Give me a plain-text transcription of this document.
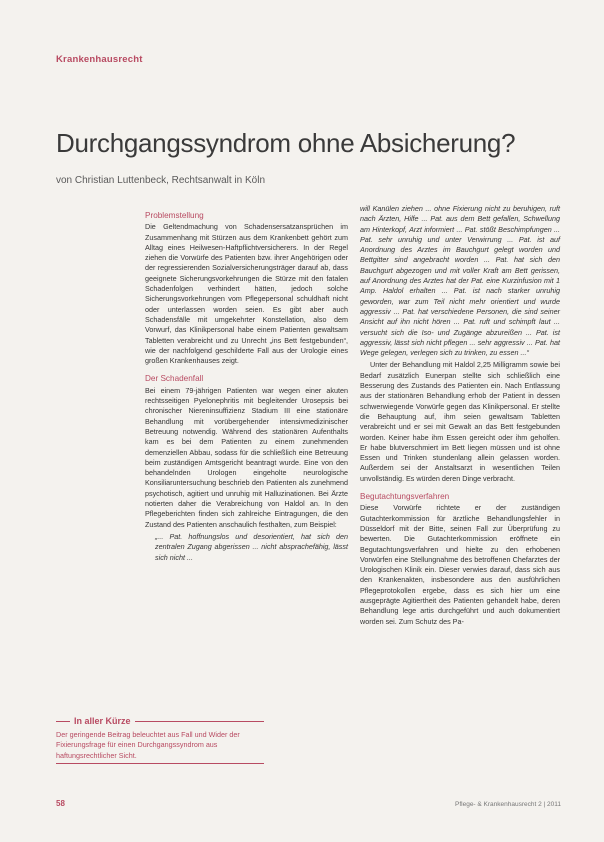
Krankenhausrecht
Durchgangssyndrom ohne Absicherung?
von Christian Luttenbeck, Rechtsanwalt in Köln
Problemstellung

Die Geltendmachung von Schadensersatzansprüchen im Zusammenhang mit Stürzen aus dem Krankenbett gehört zum Alltag eines Heilwesen-Haftpflichtversicherers. In der Regel ziehen die Vorwürfe des Patienten bzw. ihrer Angehörigen oder der regressierenden Sozialversicherungsträger darauf ab, dass geeignete Sicherungsvorkehrungen die Stürze mit den fatalen Schadenfolgen verhindert hätten, jedoch solche Sicherungsvorkehrungen vom Pflegepersonal schuldhaft nicht oder unterlassen worden seien. Es gibt aber auch Schadensfälle mit umgekehrter Konstellation, also dem Vorwurf, das Klinikpersonal habe einem Patienten gewaltsam Tabletten verabreicht und zu Unrecht „ins Bett festgebunden“, wie der nachfolgend geschilderte Fall aus der Urologie eines großen Krankenhauses zeigt.

Der Schadenfall

Bei einem 79-jährigen Patienten war wegen einer akuten rechtsseitigen Pyelonephritis mit begleitender Urosepsis bei chronischer Niereninsuffizienz Stadium III eine stationäre Behandlung mit vorübergehender intensivmedizinischer Betreuung notwendig. Während des stationären Aufenthalts kam es bei dem Patienten zu einem zunehmenden demenziellen Abbau, sodass für die schließlich eine Betreuung beim zuständigen Amtsgericht beantragt wurde. Eine von den behandelnden Urologen eingeholte neurologische Konsiliaruntersuchung beschrieb den Patienten als zunehmend psychotisch, agitiert und unruhig mit Halluzinationen. Bei Ärzte notierten daher die Verabreichung von Haldol an. In den Pflegeberichten finden sich zahlreiche Eintragungen, die den Zustand des Patienten anschaulich festhalten, zum Beispiel:

„... Pat. hoffnungslos und desorientiert, hat sich den zentralen Zugang abgerissen ... nicht absprachefähig, lässt sich nicht ...

will Kanülen ziehen ... ohne Fixierung nicht zu beruhigen, ruft nach Ärzten, Hilfe ... Pat. aus dem Bett gefallen, Schwellung am Hinterkopf, Arzt informiert ... Pat. stößt Beschimpfungen ... Pat. sehr unruhig und unter Verwirrung ... Pat. ist auf Anordnung des Arztes im Bauchgurt gelegt worden und Bettgitter sind angebracht worden ... Pat. hat sich den Bauchgurt abgezogen und mit voller Kraft am Bett gerissen, auf Anordnung des Arztes hat der Pat. eine Kurzinfusion mit 1 Amp. Haldol erhalten ... Pat. ist nach starker unruhig geworden, war zum Teil nicht mehr orientiert und wurde aggressiv ... Pat. hat verschiedene Personen, die sind seiner Ansicht auf ihn nicht hören ... Pat. ruft und schimpft laut ... versucht sich die Iso- und Zugänge abzureißen ... Pat. ist aggressiv, lässt sich nicht pflegen ... sehr aggressiv ... Pat. hat Wege gelegen, verlegen sich zu trinken, zu essen ...“

Unter der Behandlung mit Haldol 2,25 Milligramm sowie bei Bedarf zusätzlich Eunerpan stellte sich schließlich eine Besserung des Zustands des Patienten ein. Nach Entlassung aus der stationären Behandlung erhob der Patient in dessen schwerwiegende Vorwürfe gegen das Klinikpersonal. Er stellte die Behauptung auf, ihm seien gewaltsam Tabletten verabreicht und er sei mit Gewalt an das Bett festgebunden worden. Keiner habe ihm Essen gereicht oder ihm geholfen. Er habe blutverschmiert im Bett liegen müssen und ist ohne Essen und Trinken stundenlang allein gelassen worden. Außerdem sei der Anstaltsarzt in wesentlichen Teilen unvollständig. Es würden deren Dinge verbracht.

Begutachtungsverfahren

Diese Vorwürfe richtete er der zuständigen Gutachterkommission für ärztliche Behandlungsfehler in Düsseldorf mit der Bitte, seinen Fall zur Überprüfung zu bewerten. Die Gutachterkommission eröffnete ein Begutachtungsverfahren und hielte zu den erhobenen Vorwürfen eine Stellungnahme des betroffenen Chefarztes der Urologischen Klinik ein. Dieser verwies darauf, dass sich aus den Krankenakten, insbesondere aus den ausführlichen Pflegeprotokollen ergebe, dass es sich hier um eine ausgeprägte Agitiertheit des Patienten gehandelt habe, deren Behandlung lege artis durchgeführt und auch dokumentiert worden sei. Zum Schutz des Pa-

In aller Kürze
Der geringende Beitrag beleuchtet aus Fall und Wider der Fixierungsfrage für einen Durchgangssyndrom aus haftungsrechtlicher Sicht.
58	Pflege- & Krankenhausrecht 2 | 2011
